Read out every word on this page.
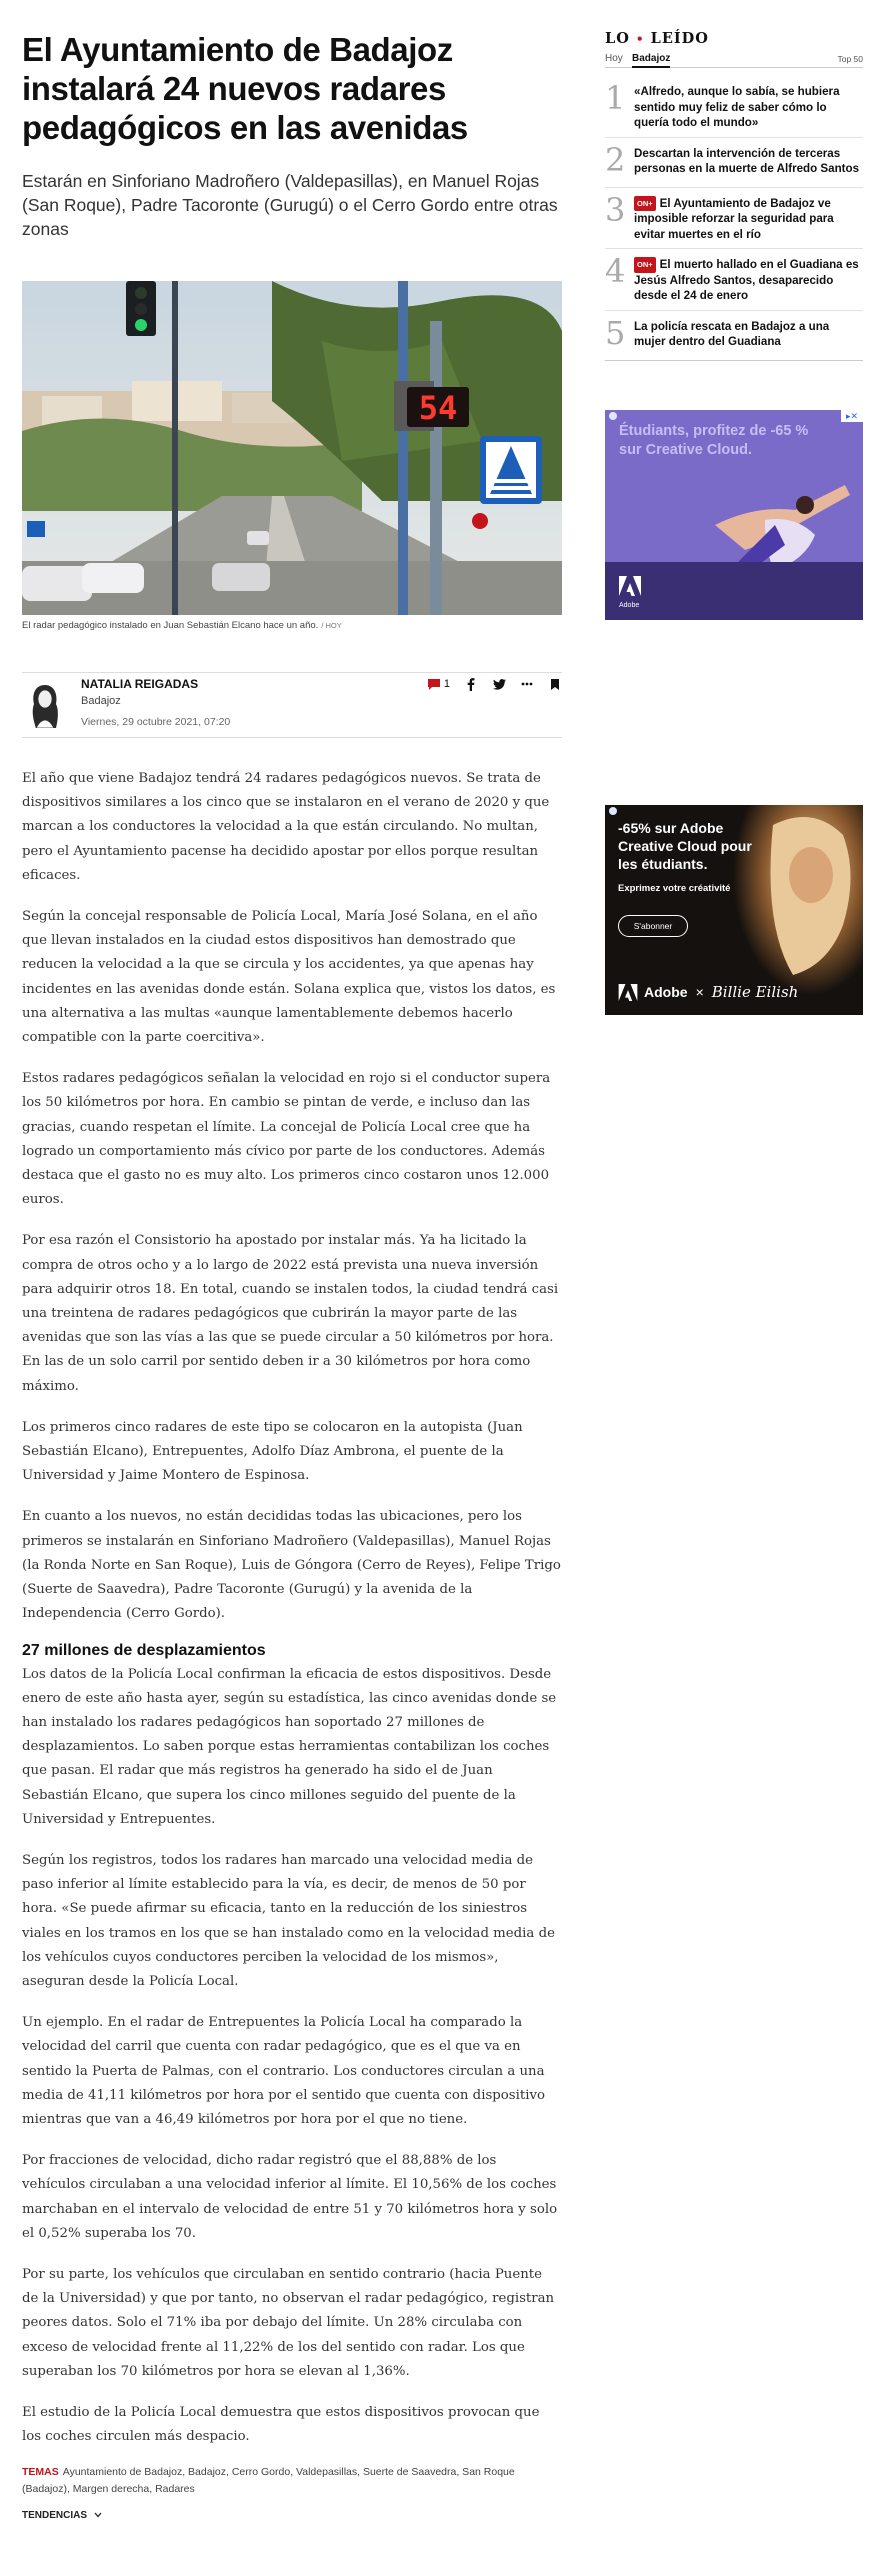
El Ayuntamiento de Badajoz instalará 24 nuevos radares pedagógicos en las avenidas

Estarán en Sinforiano Madroñero (Valdepasillas), en Manuel Rojas (San Roque), Padre Tacoronte (Gurugú) o el Cerro Gordo entre otras zonas

54
El radar pedagógico instalado en Juan Sebastián Elcano hace un año. / HOY
NATALIA REIGADAS
Badajoz
Viernes, 29 octubre 2021, 07:20
1

El año que viene Badajoz tendrá 24 radares pedagógicos nuevos. Se trata de dispositivos similares a los cinco que se instalaron en el verano de 2020 y que marcan a los conductores la velocidad a la que están circulando. No multan, pero el Ayuntamiento pacense ha decidido apostar por ellos porque resultan eficaces.

Según la concejal responsable de Policía Local, María José Solana, en el año que llevan instalados en la ciudad estos dispositivos han demostrado que reducen la velocidad a la que se circula y los accidentes, ya que apenas hay incidentes en las avenidas donde están. Solana explica que, vistos los datos, es una alternativa a las multas «aunque lamentablemente debemos hacerlo compatible con la parte coercitiva».

Estos radares pedagógicos señalan la velocidad en rojo si el conductor supera los 50 kilómetros por hora. En cambio se pintan de verde, e incluso dan las gracias, cuando respetan el límite. La concejal de Policía Local cree que ha logrado un comportamiento más cívico por parte de los conductores. Además destaca que el gasto no es muy alto. Los primeros cinco costaron unos 12.000 euros.

Por esa razón el Consistorio ha apostado por instalar más. Ya ha licitado la compra de otros ocho y a lo largo de 2022 está prevista una nueva inversión para adquirir otros 18. En total, cuando se instalen todos, la ciudad tendrá casi una treintena de radares pedagógicos que cubrirán la mayor parte de las avenidas que son las vías a las que se puede circular a 50 kilómetros por hora. En las de un solo carril por sentido deben ir a 30 kilómetros por hora como máximo.

Los primeros cinco radares de este tipo se colocaron en la autopista (Juan Sebastián Elcano), Entrepuentes, Adolfo Díaz Ambrona, el puente de la Universidad y Jaime Montero de Espinosa.

En cuanto a los nuevos, no están decididas todas las ubicaciones, pero los primeros se instalarán en Sinforiano Madroñero (Valdepasillas), Manuel Rojas (la Ronda Norte en San Roque), Luis de Góngora (Cerro de Reyes), Felipe Trigo (Suerte de Saavedra), Padre Tacoronte (Gurugú) y la avenida de la Independencia (Cerro Gordo).

27 millones de desplazamientos

Los datos de la Policía Local confirman la eficacia de estos dispositivos. Desde enero de este año hasta ayer, según su estadística, las cinco avenidas donde se han instalado los radares pedagógicos han soportado 27 millones de desplazamientos. Lo saben porque estas herramientas contabilizan los coches que pasan. El radar que más registros ha generado ha sido el de Juan Sebastián Elcano, que supera los cinco millones seguido del puente de la Universidad y Entrepuentes.

Según los registros, todos los radares han marcado una velocidad media de paso inferior al límite establecido para la vía, es decir, de menos de 50 por hora. «Se puede afirmar su eficacia, tanto en la reducción de los siniestros viales en los tramos en los que se han instalado como en la velocidad media de los vehículos cuyos conductores perciben la velocidad de los mismos», aseguran desde la Policía Local.

Un ejemplo. En el radar de Entrepuentes la Policía Local ha comparado la velocidad del carril que cuenta con radar pedagógico, que es el que va en sentido la Puerta de Palmas, con el contrario. Los conductores circulan a una media de 41,11 kilómetros por hora por el sentido que cuenta con dispositivo mientras que van a 46,49 kilómetros por hora por el que no tiene.

Por fracciones de velocidad, dicho radar registró que el 88,88% de los vehículos circulaban a una velocidad inferior al límite. El 10,56% de los coches marchaban en el intervalo de velocidad de entre 51 y 70 kilómetros hora y solo el 0,52% superaba los 70.

Por su parte, los vehículos que circulaban en sentido contrario (hacia Puente de la Universidad) y que por tanto, no observan el radar pedagógico, registran peores datos. Solo el 71% iba por debajo del límite. Un 28% circulaba con exceso de velocidad frente al 11,22% de los del sentido con radar. Los que superaban los 70 kilómetros por hora se elevan al 1,36%.

El estudio de la Policía Local demuestra que estos dispositivos provocan que los coches circulen más despacio.

TEMAS Ayuntamiento de Badajoz, Badajoz, Cerro Gordo, Valdepasillas, Suerte de Saavedra, San Roque (Badajoz), Margen derecha, Radares
TENDENCIAS
LO • LEÍDO
Hoy Badajoz	Top 50
1 «Alfredo, aunque lo sabía, se hubiera sentido muy feliz de saber cómo lo quería todo el mundo»
2 Descartan la intervención de terceras personas en la muerte de Alfredo Santos
3	ON+ El Ayuntamiento de Badajoz ve imposible reforzar la seguridad para evitar muertes en el río
4	ON+ El muerto hallado en el Guadiana es Jesús Alfredo Santos, desaparecido desde el 24 de enero
5 La policía rescata en Badajoz a una mujer dentro del Guadiana
▸✕
Étudiants, profitez de -65 % sur Creative Cloud.
Adobe
-65% sur Adobe Creative Cloud pour les étudiants.
Exprimez votre créativité
S'abonner
Adobe × Billie Eilish
